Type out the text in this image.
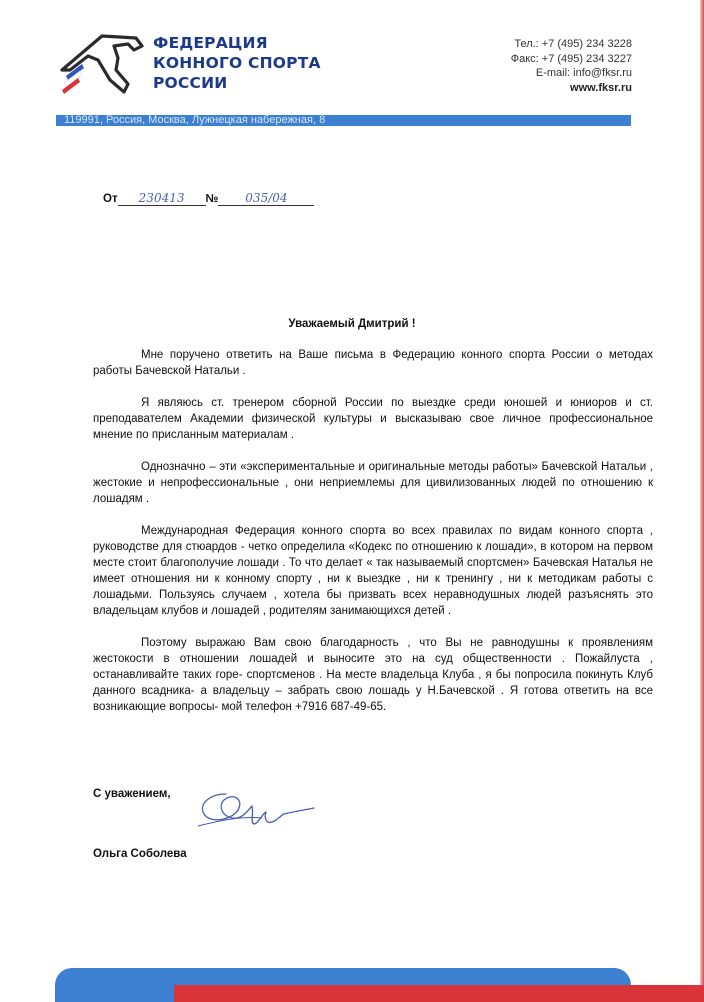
ФЕДЕРАЦИЯ
КОННОГО СПОРТА
РОССИИ
Тел.: +7 (495) 234 3228
Факс: +7 (495) 234 3227
E-mail: info@fksr.ru
www.fksr.ru
119991, Россия, Москва, Лужнецкая набережная, 8
От 230413 № 035/04
Уважаемый Дмитрий !

Мне поручено ответить на Ваше письма в Федерацию конного спорта России о методах работы Бачевской Натальи .

Я являюсь ст. тренером сборной России по выездке среди юношей и юниоров и ст. преподавателем Академии физической культуры и высказываю свое личное профессиональное мнение по присланным материалам .

Однозначно – эти «экспериментальные и оригинальные методы работы» Бачевской Натальи , жестокие и непрофессиональные , они неприемлемы для цивилизованных людей по отношению к лошадям .

Международная Федерация конного спорта во всех правилах по видам конного спорта , руководстве для стюардов - четко определила «Кодекс по отношению к лошади», в котором на первом месте стоит благополучие лошади . То что делает « так называемый спортсмен» Бачевская Наталья не имеет отношения ни к конному спорту , ни к выездке , ни к тренингу , ни к методикам работы с лошадьми. Пользуясь случаем , хотела бы призвать всех неравнодушных людей разъяснять это владельцам клубов и лошадей , родителям занимающихся детей .

Поэтому выражаю Вам свою благодарность , что Вы не равнодушны к проявлениям жестокости в отношении лошадей и выносите это на суд общественности . Пожайлуста , останавливайте таких горе- спортсменов . На месте владельца Клуба , я бы попросила покинуть Клуб данного всадника- а владельцу – забрать свою лошадь у Н.Бачевской . Я готова ответить на все возникающие вопросы- мой телефон +7916 687-49-65.

С уважением,
Ольга Соболева
